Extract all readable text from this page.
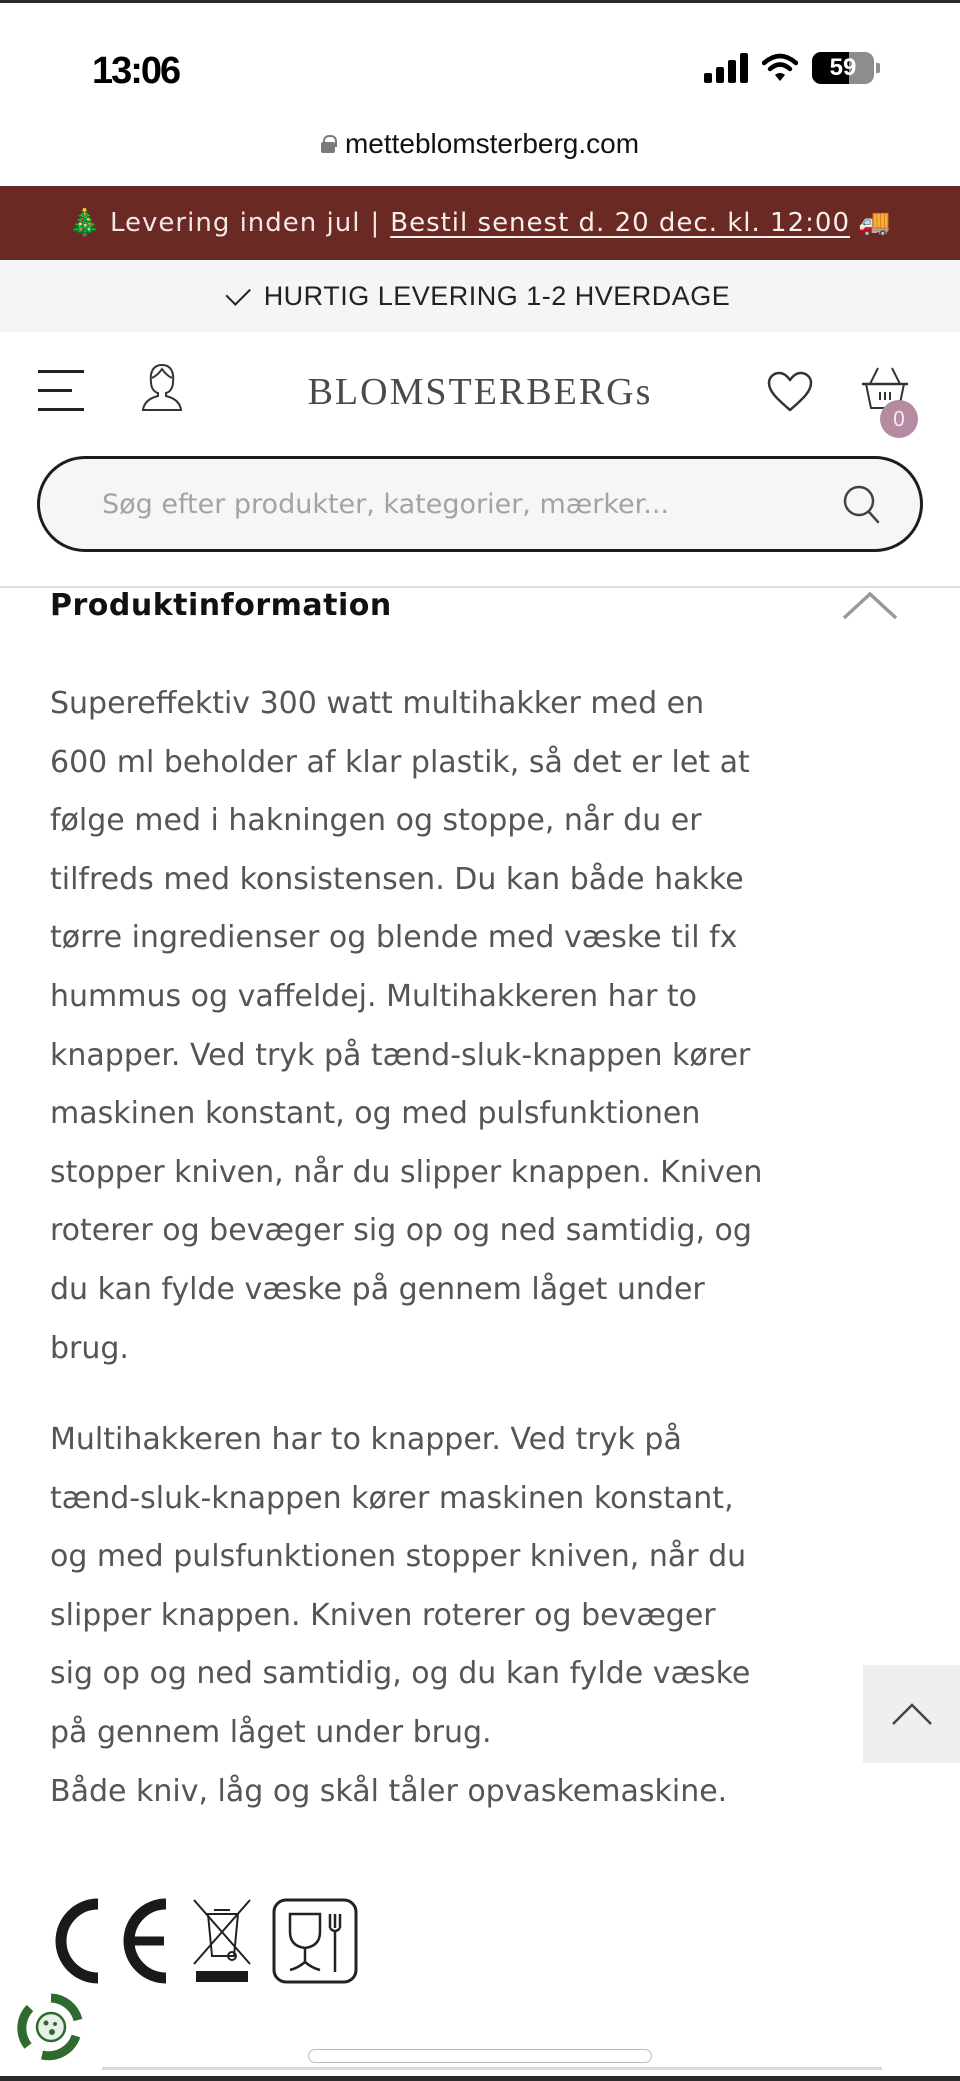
13:06	59
metteblomsterberg.com
🎄 Levering inden jul | Bestil senest d. 20 dec. kl. 12:00 🚚
HURTIG LEVERING 1-2 HVERDAGE
BLOMSTERBERGs
0
Søg efter produkter, kategorier, mærker...
Produktinformation

Supereffektiv 300 watt multihakker med en

600 ml beholder af klar plastik, så det er let at

følge med i hakningen og stoppe, når du er

tilfreds med konsistensen. Du kan både hakke

tørre ingredienser og blende med væske til fx

hummus og vaffeldej. Multihakkeren har to

knapper. Ved tryk på tænd-sluk-knappen kører

maskinen konstant, og med pulsfunktionen

stopper kniven, når du slipper knappen. Kniven

roterer og bevæger sig op og ned samtidig, og

du kan fylde væske på gennem låget under

brug.

Multihakkeren har to knapper. Ved tryk på

tænd-sluk-knappen kører maskinen konstant,

og med pulsfunktionen stopper kniven, når du

slipper knappen. Kniven roterer og bevæger

sig op og ned samtidig, og du kan fylde væske

på gennem låget under brug.

Både kniv, låg og skål tåler opvaskemaskine.
